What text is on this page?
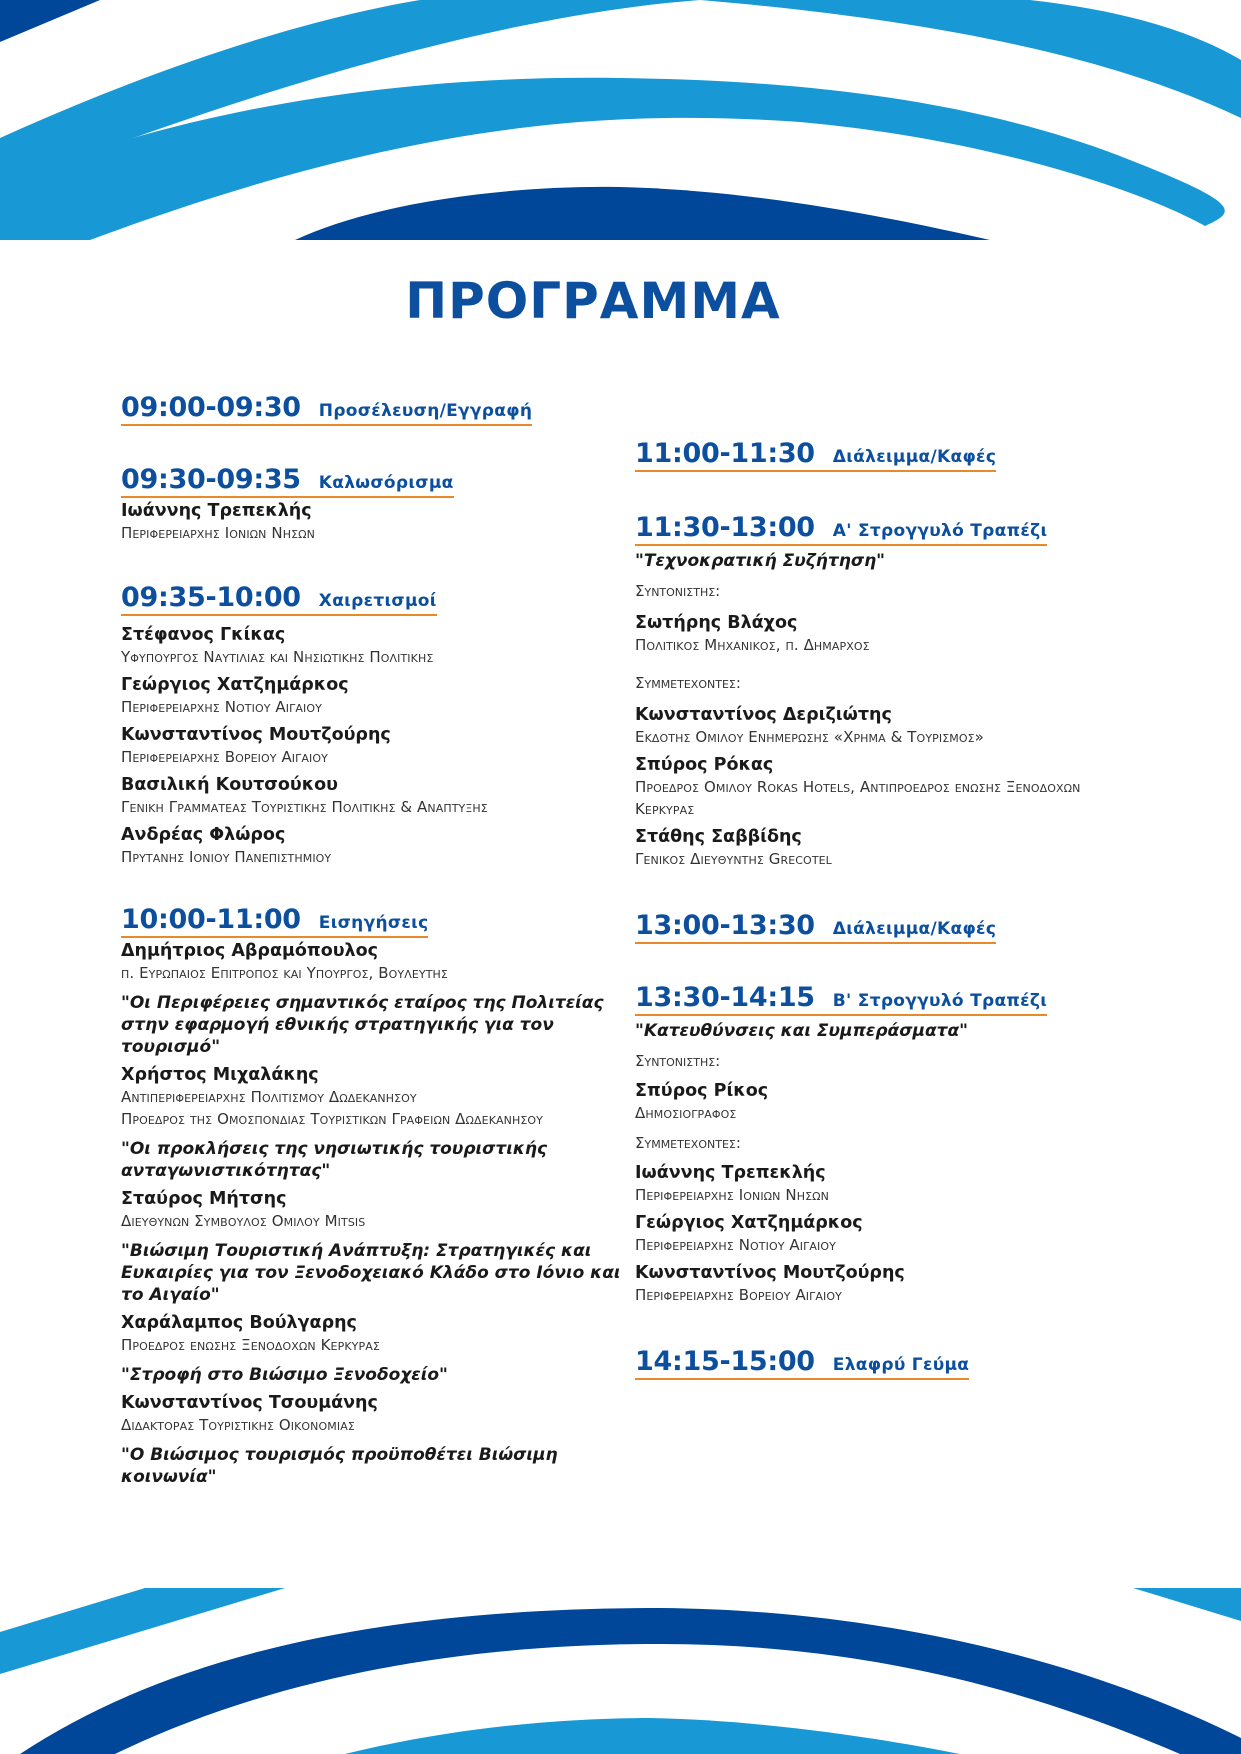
ΠΡΟΓΡΑΜΜΑ
09:00-09:30 Προσέλευση/Εγγραφή
09:30-09:35 Καλωσόρισμα
Ιωάννης Τρεπεκλής
Περιφερειαρχης Ιονιων Νησων
09:35-10:00 Χαιρετισμοί
Στέφανος Γκίκας
Υφυπουργος Ναυτιλιας και Νησιωτικης Πολιτικης
Γεώργιος Χατζημάρκος
Περιφερειαρχης Νοτιου Αιγαιου
Κωνσταντίνος Μουτζούρης
Περιφερειαρχης Βορειου Αιγαιου
Βασιλική Κουτσούκου
Γενικη Γραμματεας Τουριστικης Πολιτικης & Αναπτυξης
Ανδρέας Φλώρος
Πρυτανης Ιονιου Πανεπιστημιου
10:00-11:00 Εισηγήσεις
Δημήτριος Αβραμόπουλος
π. Ευρωπαιος Επιτροπος και Υπουργος, Βουλευτης
"Οι Περιφέρειες σημαντικός εταίρος της Πολιτείας στην εφαρμογή εθνικής στρατηγικής για τον τουρισμό"
Χρήστος Μιχαλάκης
Αντιπεριφερειαρχης Πολιτισμου Δωδεκανησου
Προεδρος της Ομοσπονδιας Τουριστικων Γραφειων Δωδεκανησου
"Οι προκλήσεις της νησιωτικής τουριστικής ανταγωνιστικότητας"
Σταύρος Μήτσης
Διευθυνων Συμβουλος Ομιλου Mitsis
"Βιώσιμη Τουριστική Ανάπτυξη: Στρατηγικές και Ευκαιρίες για τον Ξενοδοχειακό Κλάδο στο Ιόνιο και το Αιγαίο"
Χαράλαμπος Βούλγαρης
Προεδρος ενωσης Ξενοδοχων Κερκυρας
"Στροφή στο Βιώσιμο Ξενοδοχείο"
Κωνσταντίνος Τσουμάνης
Διδακτορας Τουριστικης Οικονομιας
"Ο Βιώσιμος τουρισμός προϋποθέτει Βιώσιμη κοινωνία"
11:00-11:30 Διάλειμμα/Καφές
11:30-13:00 Α' Στρογγυλό Τραπέζι
"Τεχνοκρατική Συζήτηση"
Συντονιστης:
Σωτήρης Βλάχος
Πολιτικος Μηχανικος, π. Δημαρχος
Συμμετεχοντες:
Κωνσταντίνος Δεριζιώτης
Εκδοτης Ομιλου Ενημερωσης «Χρημα & Τουρισμος»
Σπύρος Ρόκας
Προεδρος Ομιλου Rokas Hotels, Αντιπροεδρος ενωσης Ξενοδοχων Κερκυρας
Στάθης Σαββίδης
Γενικος Διευθυντης Grecotel
13:00-13:30 Διάλειμμα/Καφές
13:30-14:15 Β' Στρογγυλό Τραπέζι
"Κατευθύνσεις και Συμπεράσματα"
Συντονιστης:
Σπύρος Ρίκος
Δημοσιογραφος
Συμμετεχοντες:
Ιωάννης Τρεπεκλής
Περιφερειαρχης Ιονιων Νησων
Γεώργιος Χατζημάρκος
Περιφερειαρχης Νοτιου Αιγαιου
Κωνσταντίνος Μουτζούρης
Περιφερειαρχης Βορειου Αιγαιου
14:15-15:00 Ελαφρύ Γεύμα
